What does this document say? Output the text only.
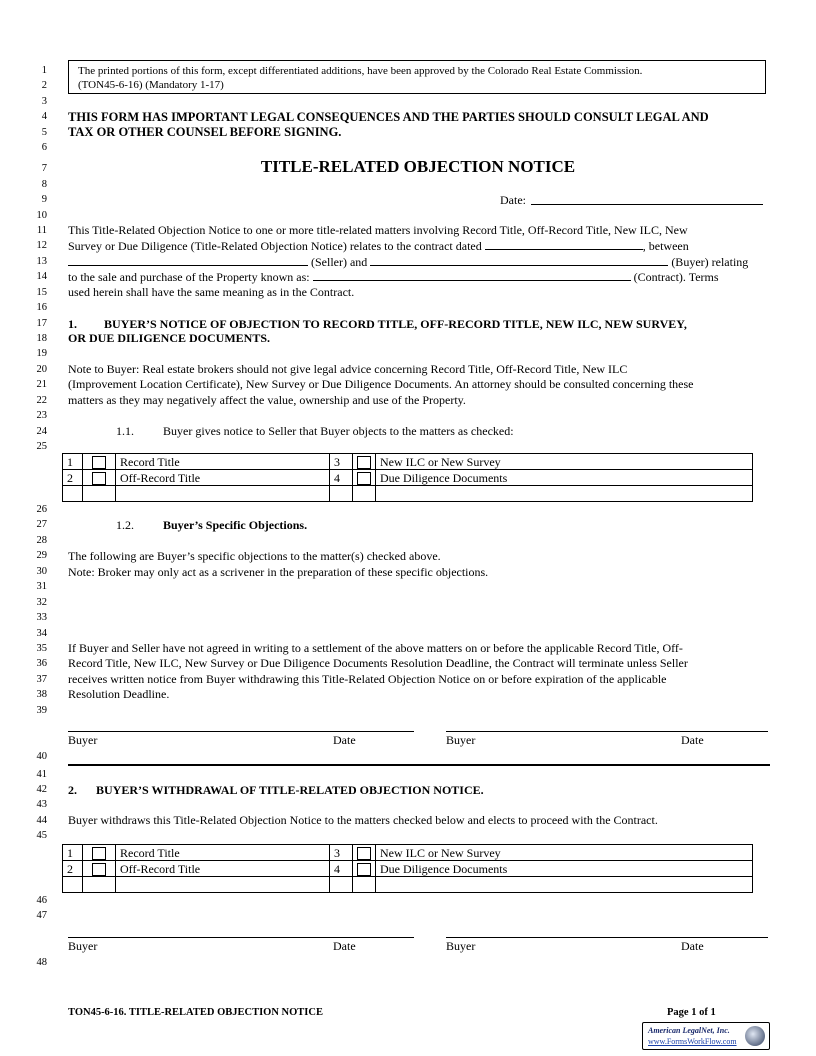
1
2
3
4
5
6
7
8
9
10
11
12
13
14
15
16
17
18
19
20
21
22
23
24
25
26
27
28
29
30
31
32
33
34
35
36
37
38
39
40
41
42
43
44
45
46
47
48
The printed portions of this form, except differentiated additions, have been approved by the Colorado Real Estate Commission.
(TON45-6-16) (Mandatory 1-17)
THIS FORM HAS IMPORTANT LEGAL CONSEQUENCES AND THE PARTIES SHOULD CONSULT LEGAL AND
TAX OR OTHER COUNSEL BEFORE SIGNING.
TITLE-RELATED OBJECTION NOTICE
Date:
This Title-Related Objection Notice to one or more title-related matters involving Record Title, Off-Record Title, New ILC, New
Survey or Due Diligence (Title-Related Objection Notice) relates to the contract dated	, between
(Seller) and	(Buyer) relating
to the sale and purchase of the Property known as:	(Contract). Terms
used herein shall have the same meaning as in the Contract.
1. BUYER’S NOTICE OF OBJECTION TO RECORD TITLE, OFF-RECORD TITLE, NEW ILC, NEW SURVEY,
OR DUE DILIGENCE DOCUMENTS.
Note to Buyer: Real estate brokers should not give legal advice concerning Record Title, Off-Record Title, New ILC
(Improvement Location Certificate), New Survey or Due Diligence Documents. An attorney should be consulted concerning these
matters as they may negatively affect the value, ownership and use of the Property.
1.1. Buyer gives notice to Seller that Buyer objects to the matters as checked:
1		Record Title	3		New ILC or New Survey
2		Off-Record Title	4		Due Diligence Documents

1.2. Buyer’s Specific Objections.
The following are Buyer’s specific objections to the matter(s) checked above.
Note: Broker may only act as a scrivener in the preparation of these specific objections.
If Buyer and Seller have not agreed in writing to a settlement of the above matters on or before the applicable Record Title, Off-
Record Title, New ILC, New Survey or Due Diligence Documents Resolution Deadline, the Contract will terminate unless Seller
receives written notice from Buyer withdrawing this Title-Related Objection Notice on or before expiration of the applicable
Resolution Deadline.
Buyer	Date	Buyer	Date
2. BUYER’S WITHDRAWAL OF TITLE-RELATED OBJECTION NOTICE.
Buyer withdraws this Title-Related Objection Notice to the matters checked below and elects to proceed with the Contract.
1		Record Title	3		New ILC or New Survey
2		Off-Record Title	4		Due Diligence Documents

Buyer	Date	Buyer	Date
TON45-6-16. TITLE-RELATED OBJECTION NOTICE	Page 1 of 1
American LegalNet, Inc.
www.FormsWorkFlow.com
